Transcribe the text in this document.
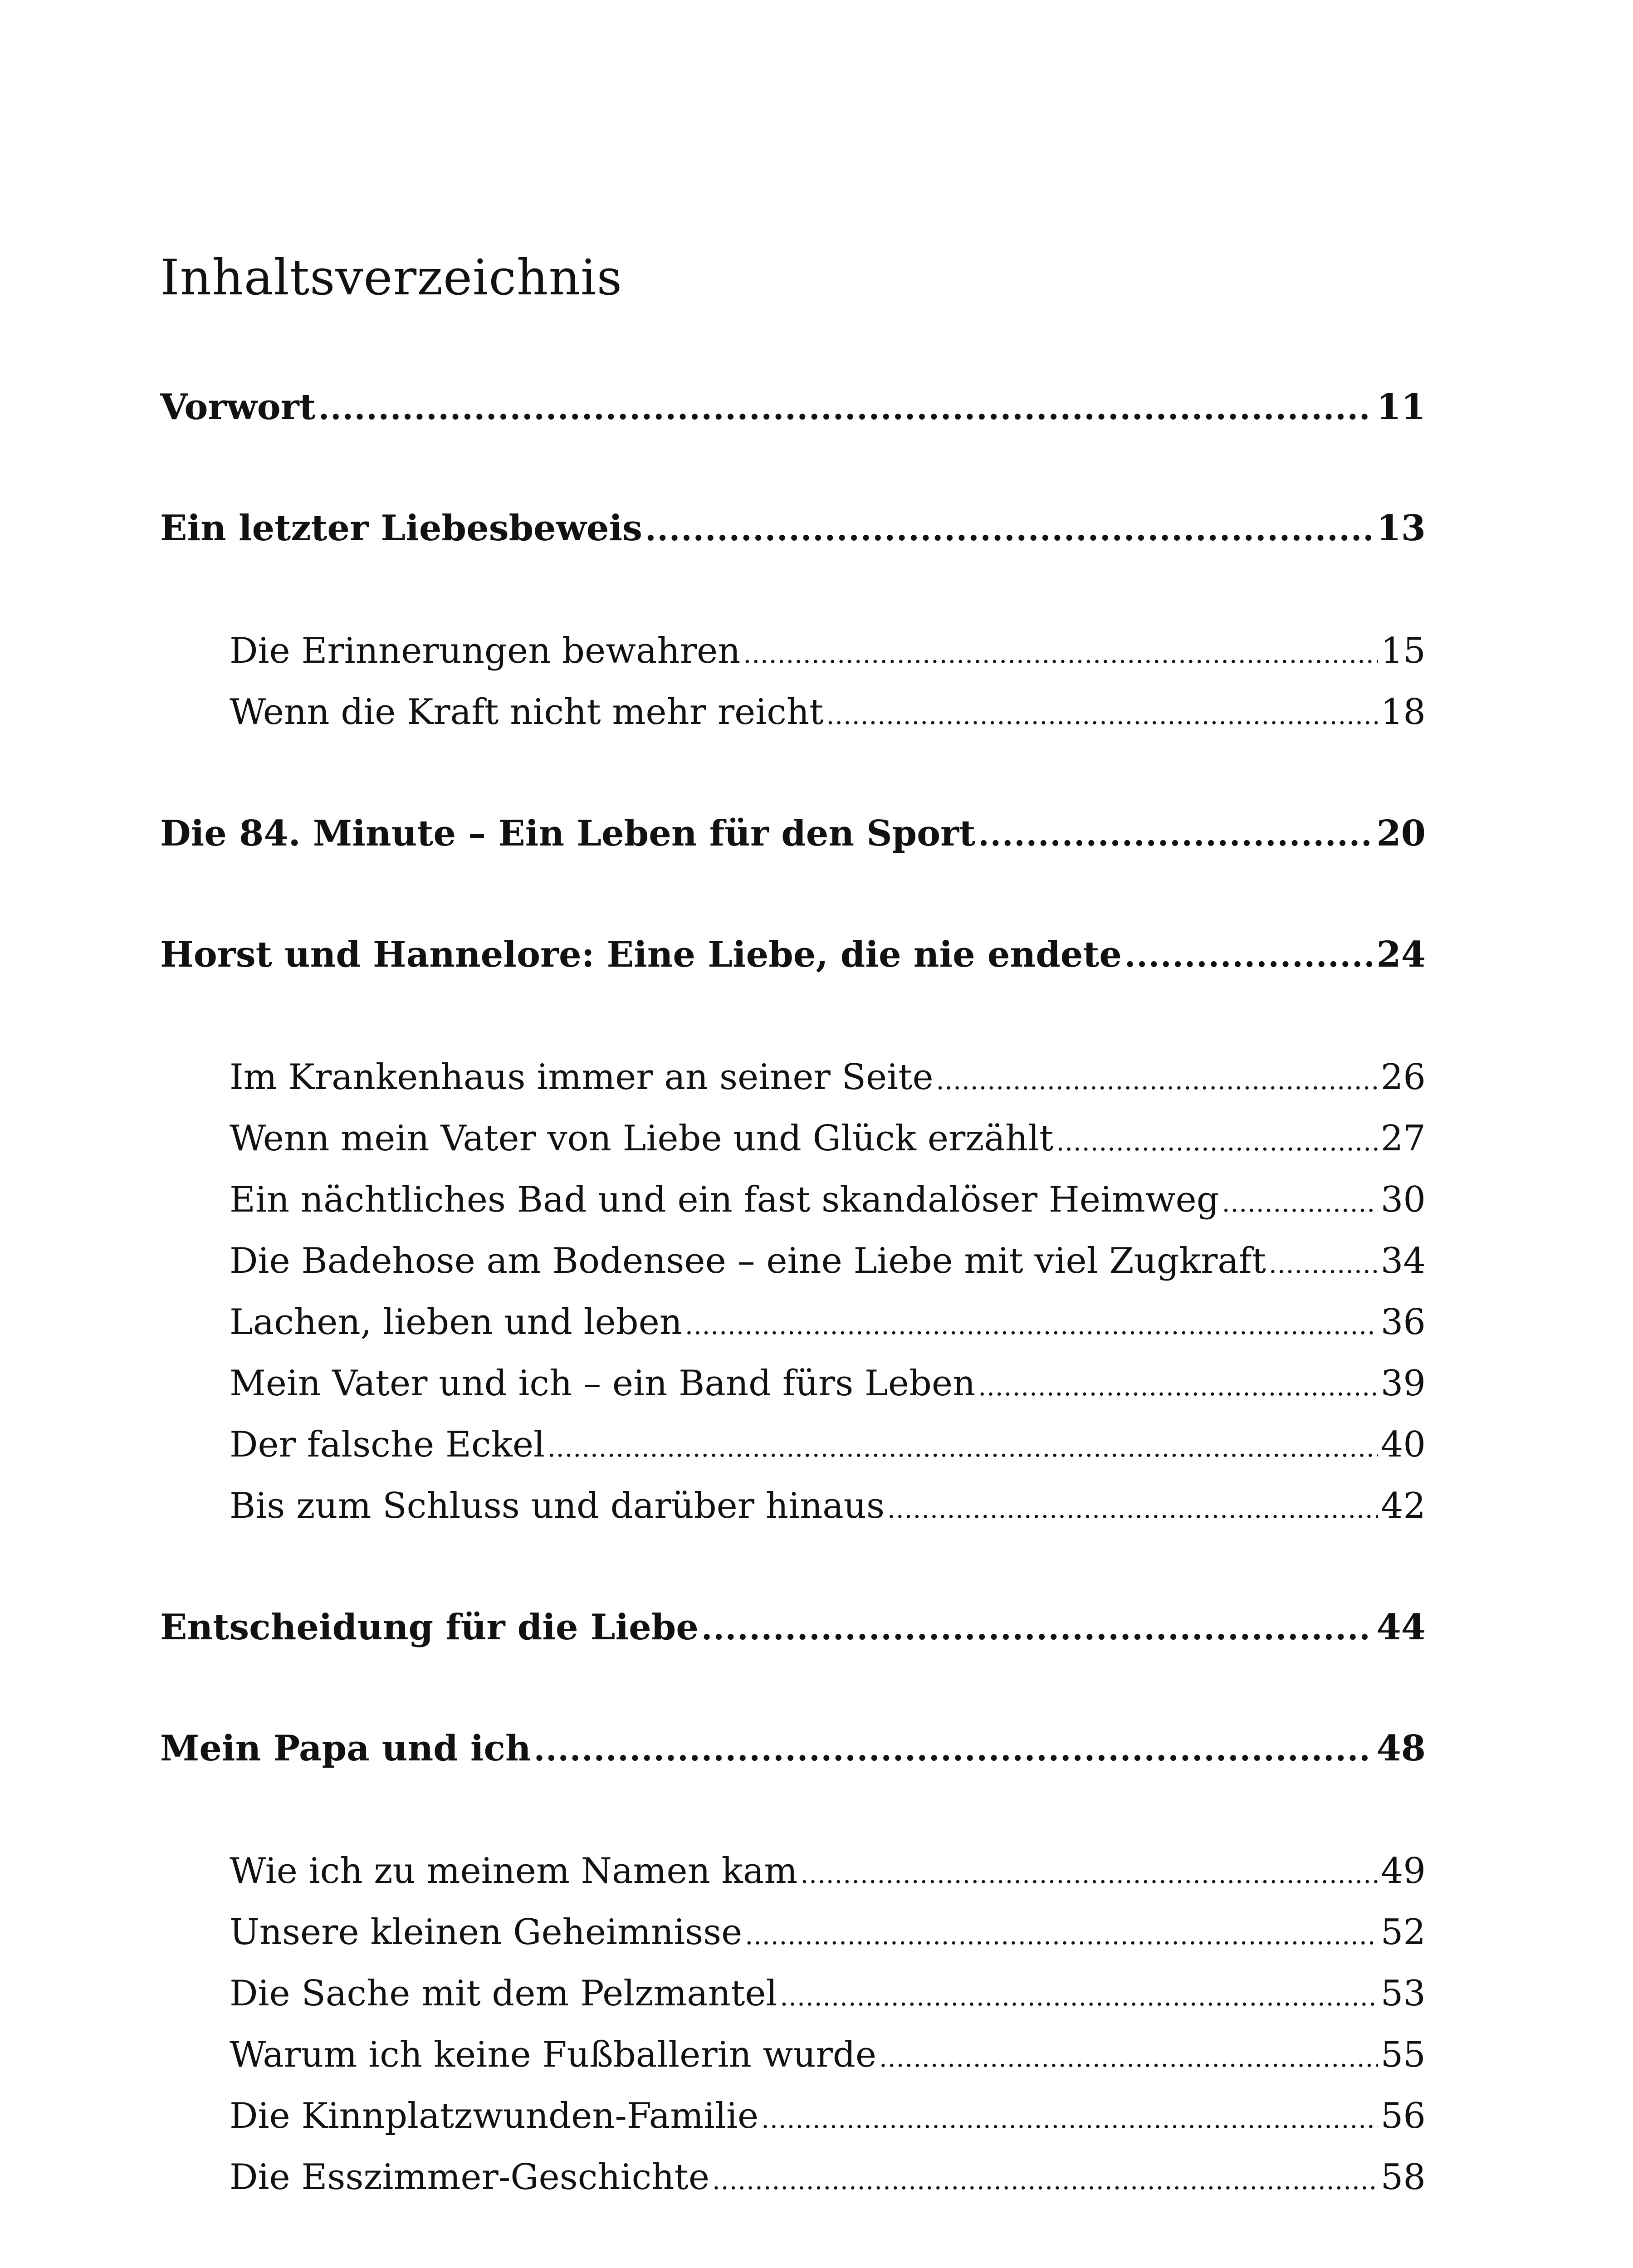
Inhaltsverzeichnis
Vorwort .....	11
Ein letzter Liebesbeweis .....	13
Die Erinnerungen bewahren .....	15
Wenn die Kraft nicht mehr reicht .....	18
Die 84. Minute – Ein Leben für den Sport .....	20
Horst und Hannelore: Eine Liebe, die nie endete .....	24
Im Krankenhaus immer an seiner Seite .....	26
Wenn mein Vater von Liebe und Glück erzählt .....	27
Ein nächtliches Bad und ein fast skandalöser Heimweg .....	30
Die Badehose am Bodensee – eine Liebe mit viel Zugkraft .....	34
Lachen, lieben und leben .....	36
Mein Vater und ich – ein Band fürs Leben .....	39
Der falsche Eckel .....	40
Bis zum Schluss und darüber hinaus .....	42
Entscheidung für die Liebe .....	44
Mein Papa und ich .....	48
Wie ich zu meinem Namen kam .....	49
Unsere kleinen Geheimnisse .....	52
Die Sache mit dem Pelzmantel .....	53
Warum ich keine Fußballerin wurde .....	55
Die Kinnplatzwunden-Familie .....	56
Die Esszimmer-Geschichte .....	58
